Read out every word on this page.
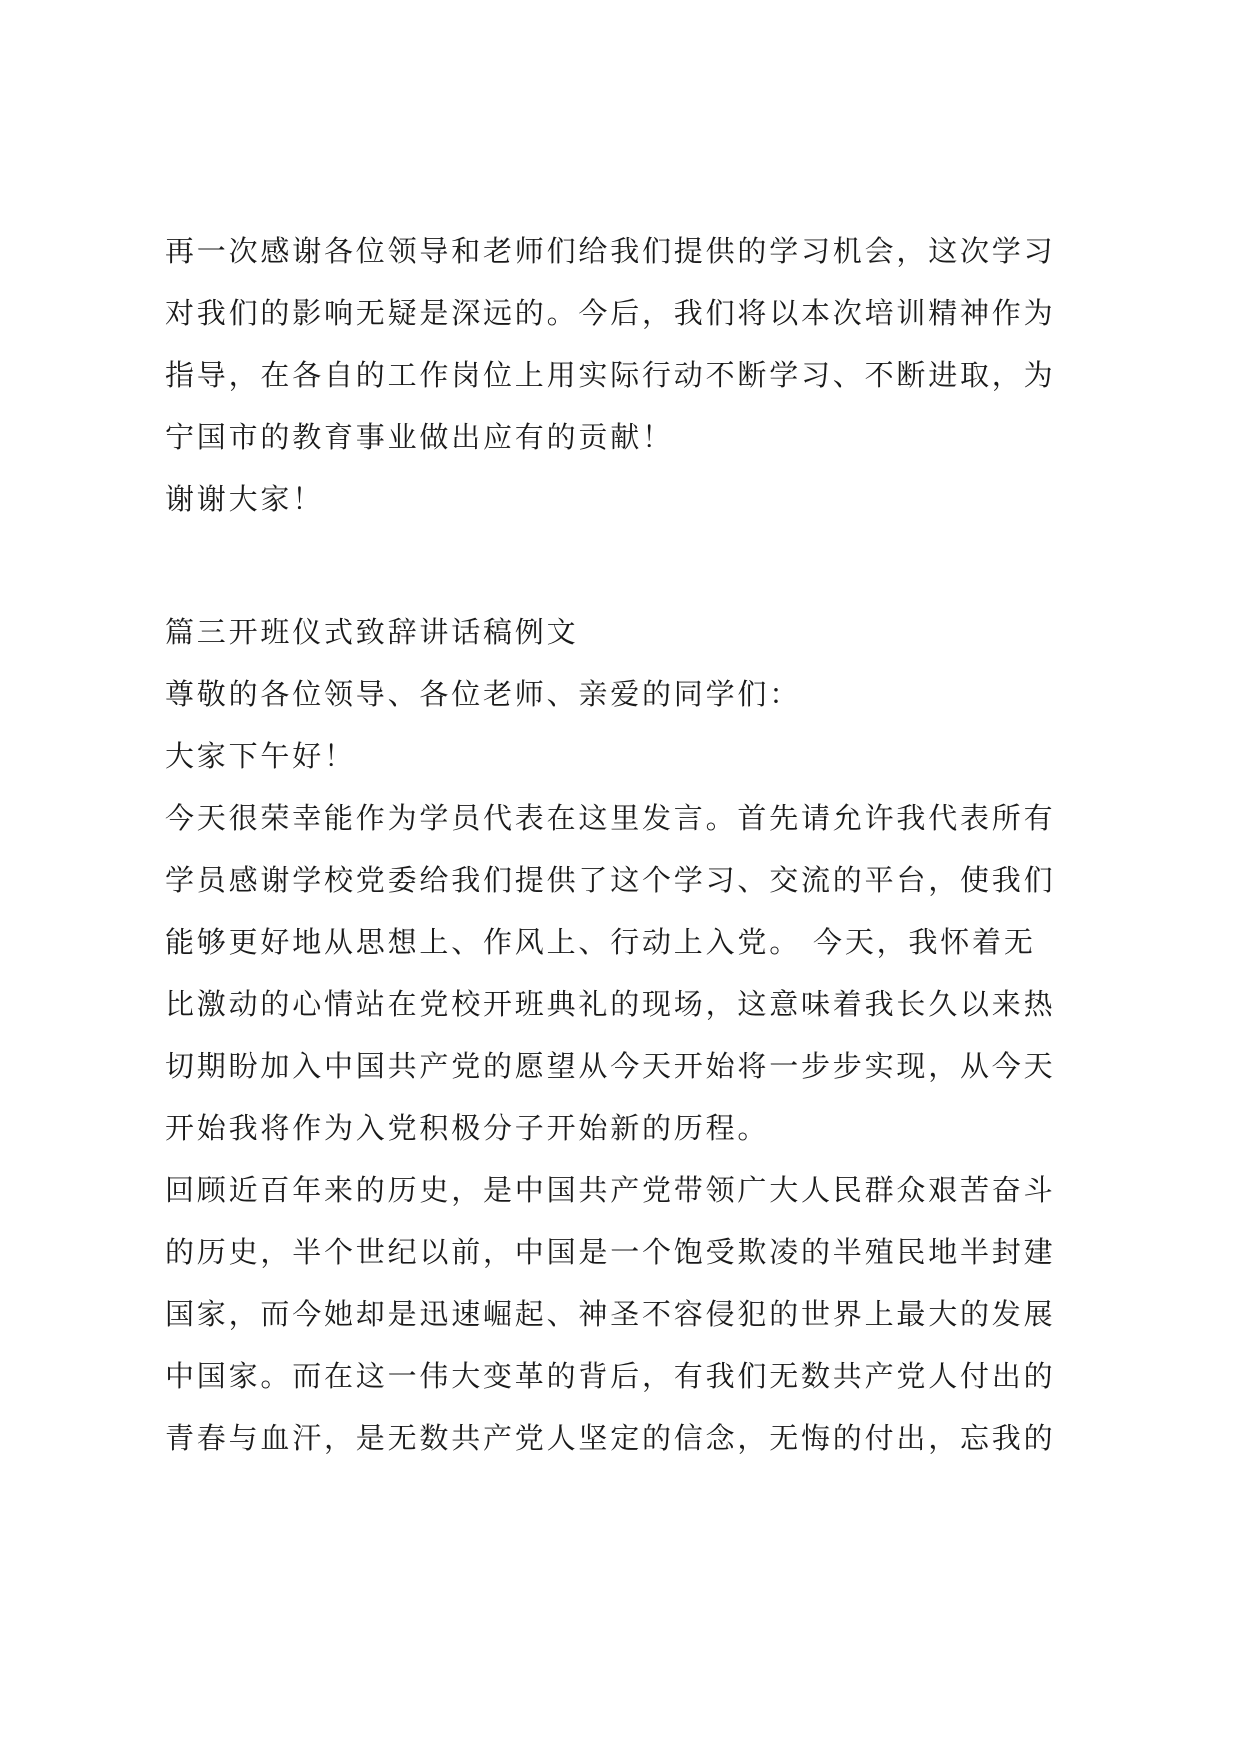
再一次感谢各位领导和老师们给我们提供的学习机会，这次学习
对我们的影响无疑是深远的。今后，我们将以本次培训精神作为
指导，在各自的工作岗位上用实际行动不断学习、不断进取，为
宁国市的教育事业做出应有的贡献！
谢谢大家！
篇三开班仪式致辞讲话稿例文
尊敬的各位领导、各位老师、亲爱的同学们：
大家下午好！
今天很荣幸能作为学员代表在这里发言。首先请允许我代表所有
学员感谢学校党委给我们提供了这个学习、交流的平台，使我们
能够更好地从思想上、作风上、行动上入党。 今天，我怀着无
比激动的心情站在党校开班典礼的现场，这意味着我长久以来热
切期盼加入中国共产党的愿望从今天开始将一步步实现，从今天
开始我将作为入党积极分子开始新的历程。
回顾近百年来的历史，是中国共产党带领广大人民群众艰苦奋斗
的历史，半个世纪以前，中国是一个饱受欺凌的半殖民地半封建
国家，而今她却是迅速崛起、神圣不容侵犯的世界上最大的发展
中国家。而在这一伟大变革的背后，有我们无数共产党人付出的
青春与血汗，是无数共产党人坚定的信念，无悔的付出，忘我的
